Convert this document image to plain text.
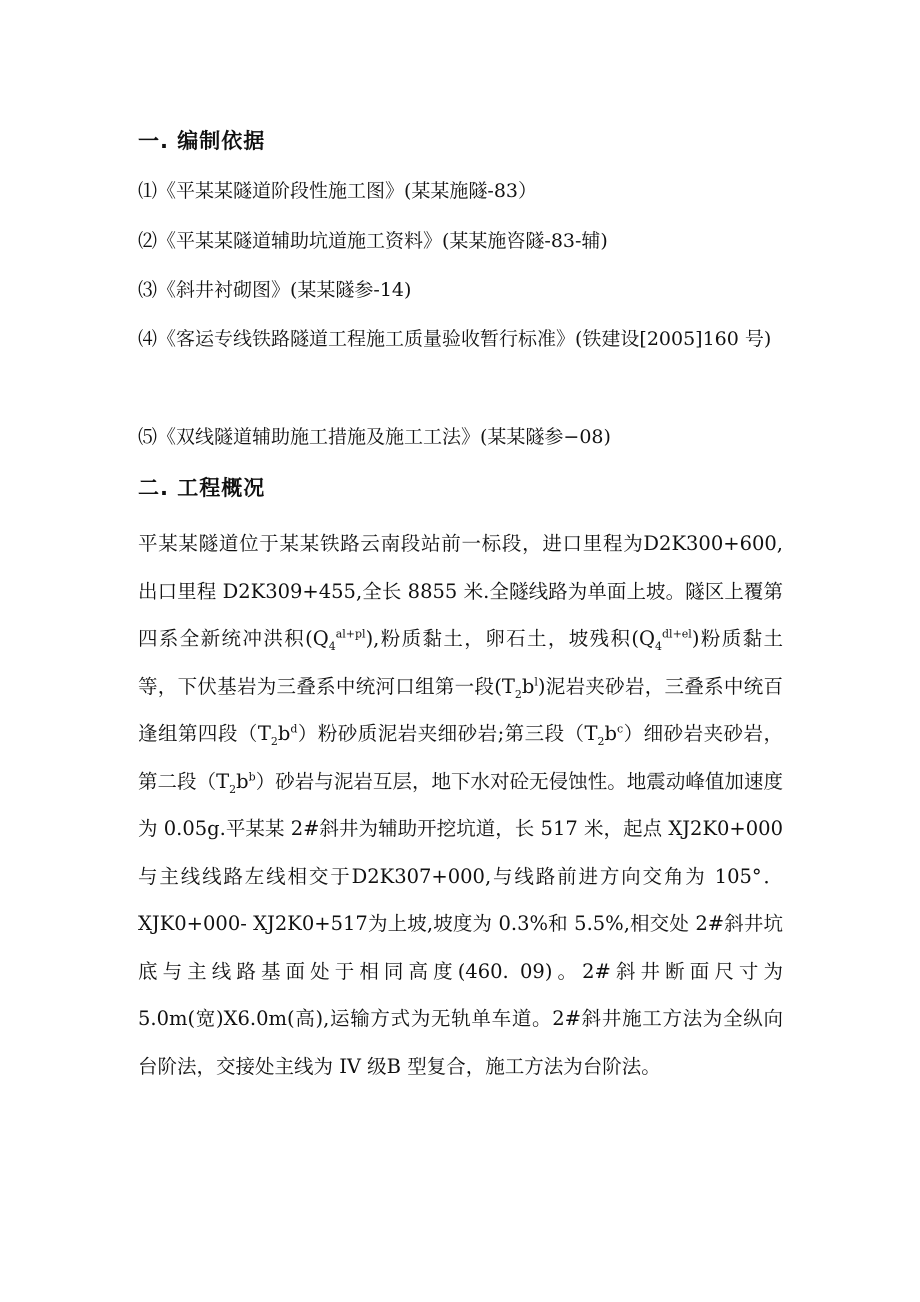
一. 编制依据
⑴《平某某隧道阶段性施工图》(某某施隧-83）
⑵《平某某隧道辅助坑道施工资料》(某某施咨隧-83-辅)
⑶《斜井衬砌图》(某某隧参-14)
⑷《客运专线铁路隧道工程施工质量验收暂行标准》(铁建设[2005]160 号)
⑸《双线隧道辅助施工措施及施工工法》(某某隧参−08)
二. 工程概况
平某某隧道位于某某铁路云南段站前一标段，进口里程为D2K300+600,出口里程 D2K309+455,全长 8855 米.全隧线路为单面上坡。隧区上覆第四系全新统冲洪积$(Q_4^{al+pl})$,粉质黏土，卵石土，坡残积$(Q_4^{dl+el})$粉质黏土等，下伏基岩为三叠系中统河口组第一段$(T_2b^l)$泥岩夹砂岩，三叠系中统百逢组第四段$(T_2b^d)$粉砂质泥岩夹细砂岩;第三段$(T_2b^c)$细砂岩夹砂岩，第二段$(T_2b^b)$砂岩与泥岩互层，地下水对砼无侵蚀性。地震动峰值加速度为 0.05g.平某某 2#斜井为辅助开挖坑道，长 517 米，起点 XJ2K0+000 与主线线路左线相交于D2K307+000,与线路前进方向交角为 105°．XJK0+000- XJ2K0+517为上坡,坡度为 0.3%和 5.5%,相交处 2#斜井坑底与主线路基面处于相同高度(460. 09)。2#斜井断面尺寸为 5.0m(宽)X6.0m(高),运输方式为无轨单车道。2#斜井施工方法为全纵向台阶法，交接处主线为 IV 级B 型复合，施工方法为台阶法。
